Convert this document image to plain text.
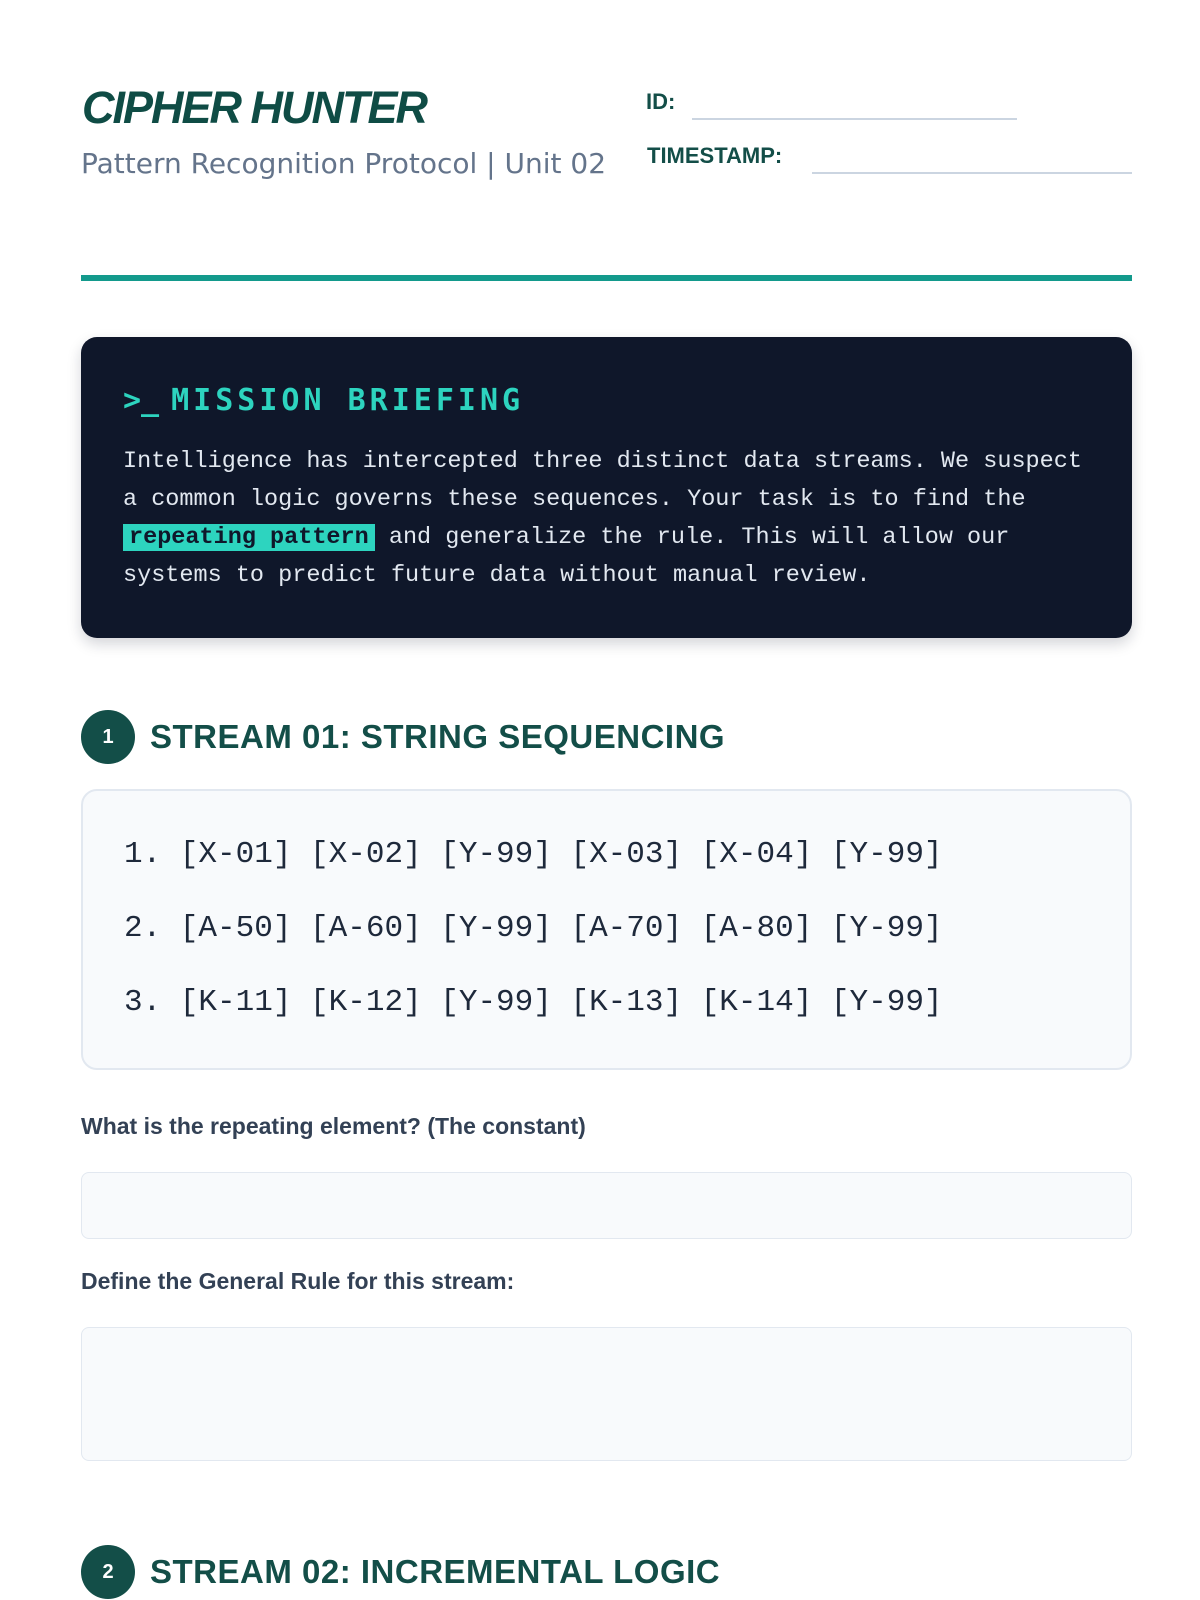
CIPHER HUNTER
Pattern Recognition Protocol | Unit 02
ID:
TIMESTAMP:
>_ MISSION BRIEFING
Intelligence has intercepted three distinct data streams. We suspect a common logic governs these sequences. Your task is to find the repeating pattern and generalize the rule. This will allow our systems to predict future data without manual review.
1	STREAM 01: STRING SEQUENCING
1. [X-01] [X-02] [Y-99] [X-03] [X-04] [Y-99]
2. [A-50] [A-60] [Y-99] [A-70] [A-80] [Y-99]
3. [K-11] [K-12] [Y-99] [K-13] [K-14] [Y-99]
What is the repeating element? (The constant)
Define the General Rule for this stream:
2	STREAM 02: INCREMENTAL LOGIC
